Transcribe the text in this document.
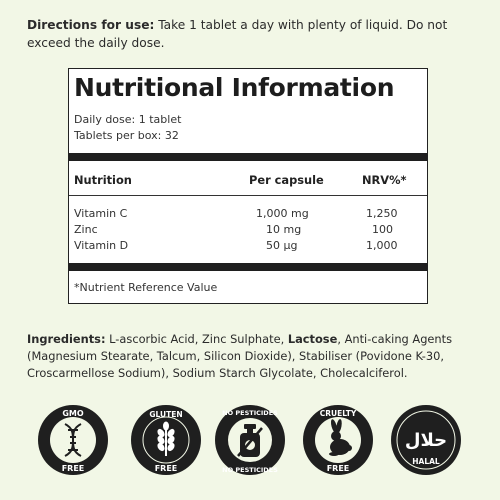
Directions for use: Take 1 tablet a day with plenty of liquid. Do not exceed the daily dose.
Nutritional Information
Daily dose: 1 tablet
Tablets per box: 32
Nutrition	Per capsule	NRV%*
Vitamin C	1,000 mg	1,250
Zinc	10 mg	100
Vitamin D	50 µg	1,000
*Nutrient Reference Value
Ingredients: L-ascorbic Acid, Zinc Sulphate, Lactose, Anti-caking Agents (Magnesium Stearate, Talcum, Silicon Dioxide), Stabiliser (Povidone K-30, Croscarmellose Sodium), Sodium Starch Glycolate, Cholecalciferol.
GMO
FREE
GLUTEN
FREE
NO PESTICIDES
NO PESTICIDES
CRUELTY
FREE
حلال
HALAL
